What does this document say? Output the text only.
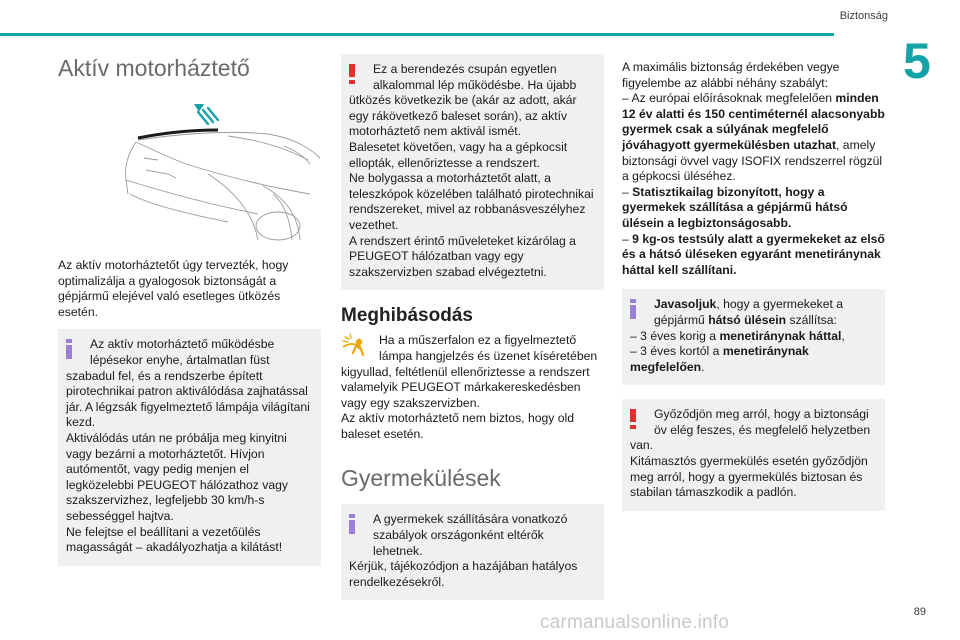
Biztonság
5
Aktív motorháztető

Az aktív motorháztetőt úgy tervezték, hogy optimalizálja a gyalogosok biztonságát a gépjármű elejével való esetleges ütközés esetén.

Az aktív motorháztető működésbe lépésekor enyhe, ártalmatlan füst

szabadul fel, és a rendszerbe épített pirotechnikai patron aktiválódása zajhatással jár. A légzsák figyelmeztető lámpája világítani kezd.

Aktiválódás után ne próbálja meg kinyitni vagy bezárni a motorháztetőt. Hívjon autómentőt, vagy pedig menjen el legközelebbi PEUGEOT hálózathoz vagy szakszervizhez, legfeljebb 30 km/h-s sebességgel hajtva.

Ne felejtse el beállítani a vezetőülés magasságát – akadályozhatja a kilátást!

Ez a berendezés csupán egyetlen alkalommal lép működésbe. Ha újabb

ütközés következik be (akár az adott, akár egy rákövetkező baleset során), az aktív motorháztető nem aktivál ismét.

Balesetet követően, vagy ha a gépkocsit ellopták, ellenőriztesse a rendszert.

Ne bolygassa a motorháztetőt alatt, a teleszkópok közelében található pirotechnikai rendszereket, mivel az robbanásveszélyhez vezethet.

A rendszert érintő műveleteket kizárólag a PEUGEOT hálózatban vagy egy szakszervizben szabad elvégeztetni.

Meghibásodás

Ha a műszerfalon ez a figyelmeztető lámpa hangjelzés és üzenet kíséretében

kigyullad, feltétlenül ellenőriztesse a rendszert valamelyik PEUGEOT márkakereskedésben vagy egy szakszervizben.

Az aktív motorháztető nem biztos, hogy old baleset esetén.

Gyermekülések

A gyermekek szállítására vonatkozó szabályok országonként eltérők lehetnek.

Kérjük, tájékozódjon a hazájában hatályos rendelkezésekről.

A maximális biztonság érdekében vegye figyelembe az alábbi néhány szabályt:

– Az európai előírásoknak megfelelően minden 12 év alatti és 150 centiméternél alacsonyabb gyermek csak a súlyának megfelelő jóváhagyott gyermekülésben utazhat, amely biztonsági övvel vagy ISOFIX rendszerrel rögzül a gépkocsi üléséhez.

– Statisztikailag bizonyított, hogy a gyermekek szállítása a gépjármű hátsó ülésein a legbiztonságosabb.

– 9 kg-os testsúly alatt a gyermekeket az első és a hátsó üléseken egyaránt menetiránynak háttal kell szállítani.

Javasoljuk, hogy a gyermekeket a gépjármű hátsó ülésein szállítsa:

– 3 éves korig a menetiránynak háttal,

– 3 éves kortól a menetiránynak megfelelően.

Győződjön meg arról, hogy a biztonsági öv elég feszes, és megfelelő helyzetben

van.

Kitámasztós gyermekülés esetén győződjön meg arról, hogy a gyermekülés biztosan és stabilan támaszkodik a padlón.

89
carmanualsonline.info
